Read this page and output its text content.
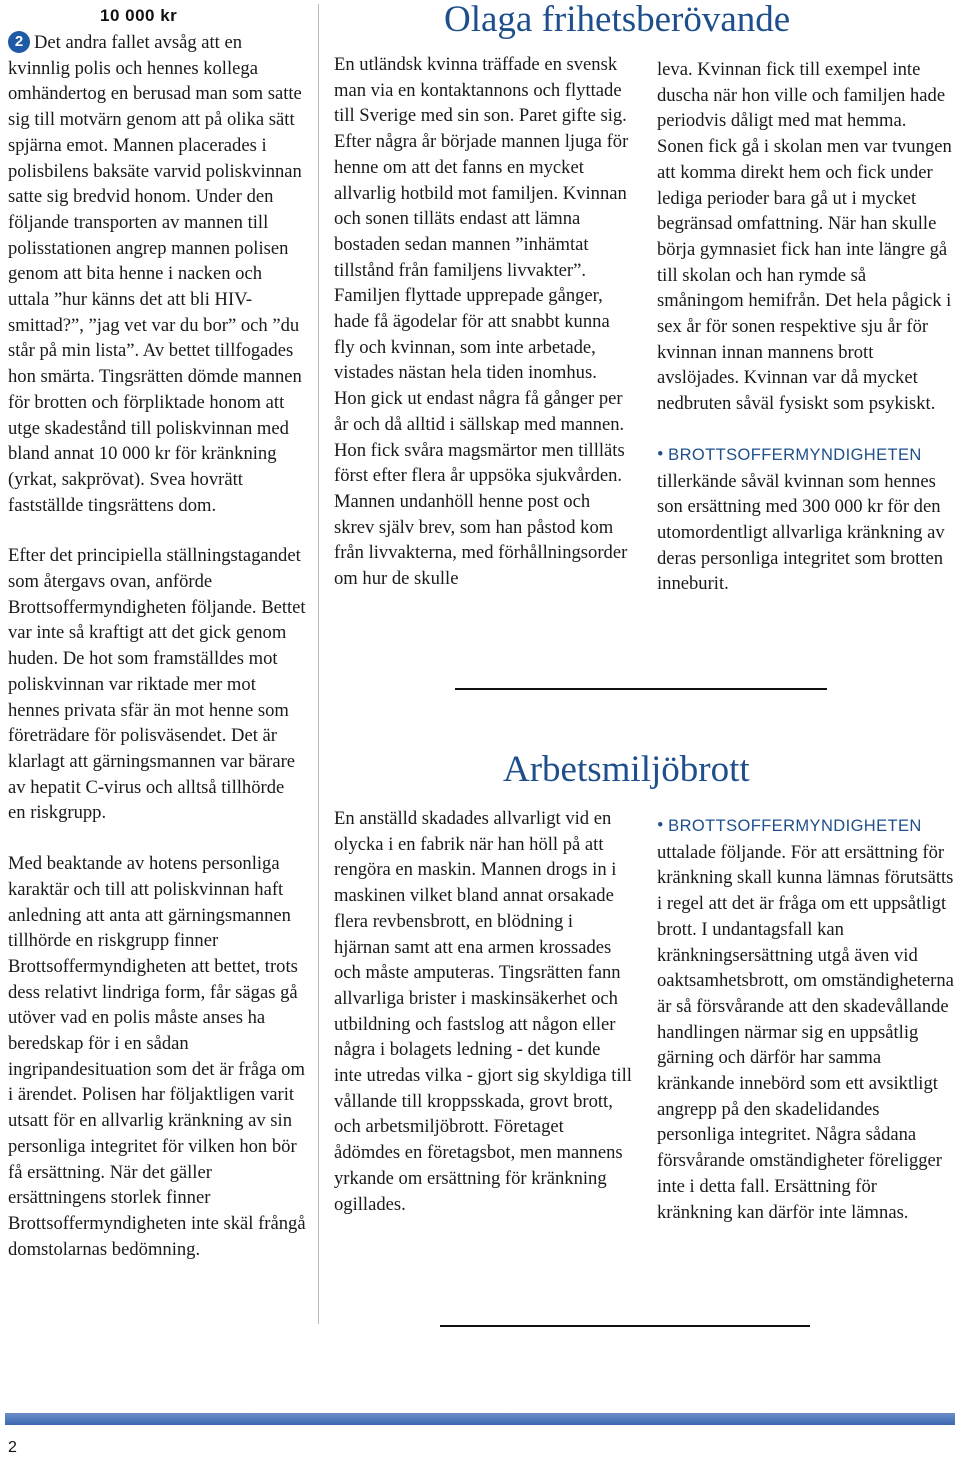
10 000 kr

2 Det andra fallet avsåg att en kvinnlig polis och hennes kollega omhändertog en berusad man som satte sig till motvärn genom att på olika sätt spjärna emot. Mannen placerades i polisbilens baksäte varvid poliskvinnan satte sig bredvid honom. Under den följande transporten av mannen till polisstationen angrep mannen polisen genom att bita henne i nacken och uttala ”hur känns det att bli HIV-smittad?”, ”jag vet var du bor” och ”du står på min lista”. Av bettet tillfogades hon smärta. Tingsrätten dömde mannen för brotten och förpliktade honom att utge skadestånd till poliskvinnan med bland annat 10 000 kr för kränkning (yrkat, sakprövat). Svea hovrätt fastställde tingsrättens dom.

Efter det principiella ställningstagandet som återgavs ovan, anförde Brottsoffermyndigheten följande. Bettet var inte så kraftigt att det gick genom huden. De hot som framställdes mot poliskvinnan var riktade mer mot hennes privata sfär än mot henne som företrädare för polisväsendet. Det är klarlagt att gärningsmannen var bärare av hepatit C-virus och alltså tillhörde en riskgrupp.

Med beaktande av hotens personliga karaktär och till att poliskvinnan haft anledning att anta att gärningsmannen tillhörde en riskgrupp finner Brottsoffermyndigheten att bettet, trots dess relativt lindriga form, får sägas gå utöver vad en polis måste anses ha beredskap för i en sådan ingripandesituation som det är fråga om i ärendet. Polisen har följaktligen varit utsatt för en allvarlig kränkning av sin personliga integritet för vilken hon bör få ersättning. När det gäller ersättningens storlek finner Brottsoffermyndigheten inte skäl frångå domstolarnas bedömning.

Olaga frihetsberövande

En utländsk kvinna träffade en svensk man via en kontaktannons och flyttade till Sverige med sin son. Paret gifte sig. Efter några år började mannen ljuga för henne om att det fanns en mycket allvarlig hotbild mot familjen. Kvinnan och sonen tilläts endast att lämna bostaden sedan mannen ”inhämtat tillstånd från familjens livvakter”. Familjen flyttade upprepade gånger, hade få ägodelar för att snabbt kunna fly och kvinnan, som inte arbetade, vistades nästan hela tiden inomhus. Hon gick ut endast några få gånger per år och då alltid i sällskap med mannen. Hon fick svåra magsmärtor men tillläts först efter flera år uppsöka sjukvården. Mannen undanhöll henne post och skrev själv brev, som han påstod kom från livvakterna, med förhållningsorder om hur de skulle

leva. Kvinnan fick till exempel inte duscha när hon ville och familjen hade periodvis dåligt med mat hemma. Sonen fick gå i skolan men var tvungen att komma direkt hem och fick under lediga perioder bara gå ut i mycket begränsad omfattning. När han skulle börja gymnasiet fick han inte längre gå till skolan och han rymde så småningom hemifrån. Det hela pågick i sex år för sonen respektive sju år för kvinnan innan mannens brott avslöjades. Kvinnan var då mycket nedbruten såväl fysiskt som psykiskt.

• BROTTSOFFERMYNDIGHETEN
tillerkände såväl kvinnan som hennes son ersättning med 300 000 kr för den utomordentligt allvarliga kränkning av deras personliga integritet som brotten inneburit.

Arbetsmiljöbrott

En anställd skadades allvarligt vid en olycka i en fabrik när han höll på att rengöra en maskin. Mannen drogs in i maskinen vilket bland annat orsakade flera revbensbrott, en blödning i hjärnan samt att ena armen krossades och måste amputeras. Tingsrätten fann allvarliga brister i maskinsäkerhet och utbildning och fastslog att någon eller några i bolagets ledning - det kunde inte utredas vilka - gjort sig skyldiga till vållande till kroppsskada, grovt brott, och arbetsmiljöbrott. Företaget ådömdes en företagsbot, men mannens yrkande om ersättning för kränkning ogillades.

• BROTTSOFFERMYNDIGHETEN
uttalade följande. För att ersättning för kränkning skall kunna lämnas förutsätts i regel att det är fråga om ett uppsåtligt brott. I undantagsfall kan kränkningsersättning utgå även vid oaktsamhetsbrott, om omständigheterna är så försvårande att den skadevållande handlingen närmar sig en uppsåtlig gärning och därför har samma kränkande innebörd som ett avsiktligt angrepp på den skadelidandes personliga integritet. Några sådana försvårande omständigheter föreligger inte i detta fall. Ersättning för kränkning kan därför inte lämnas.

2
